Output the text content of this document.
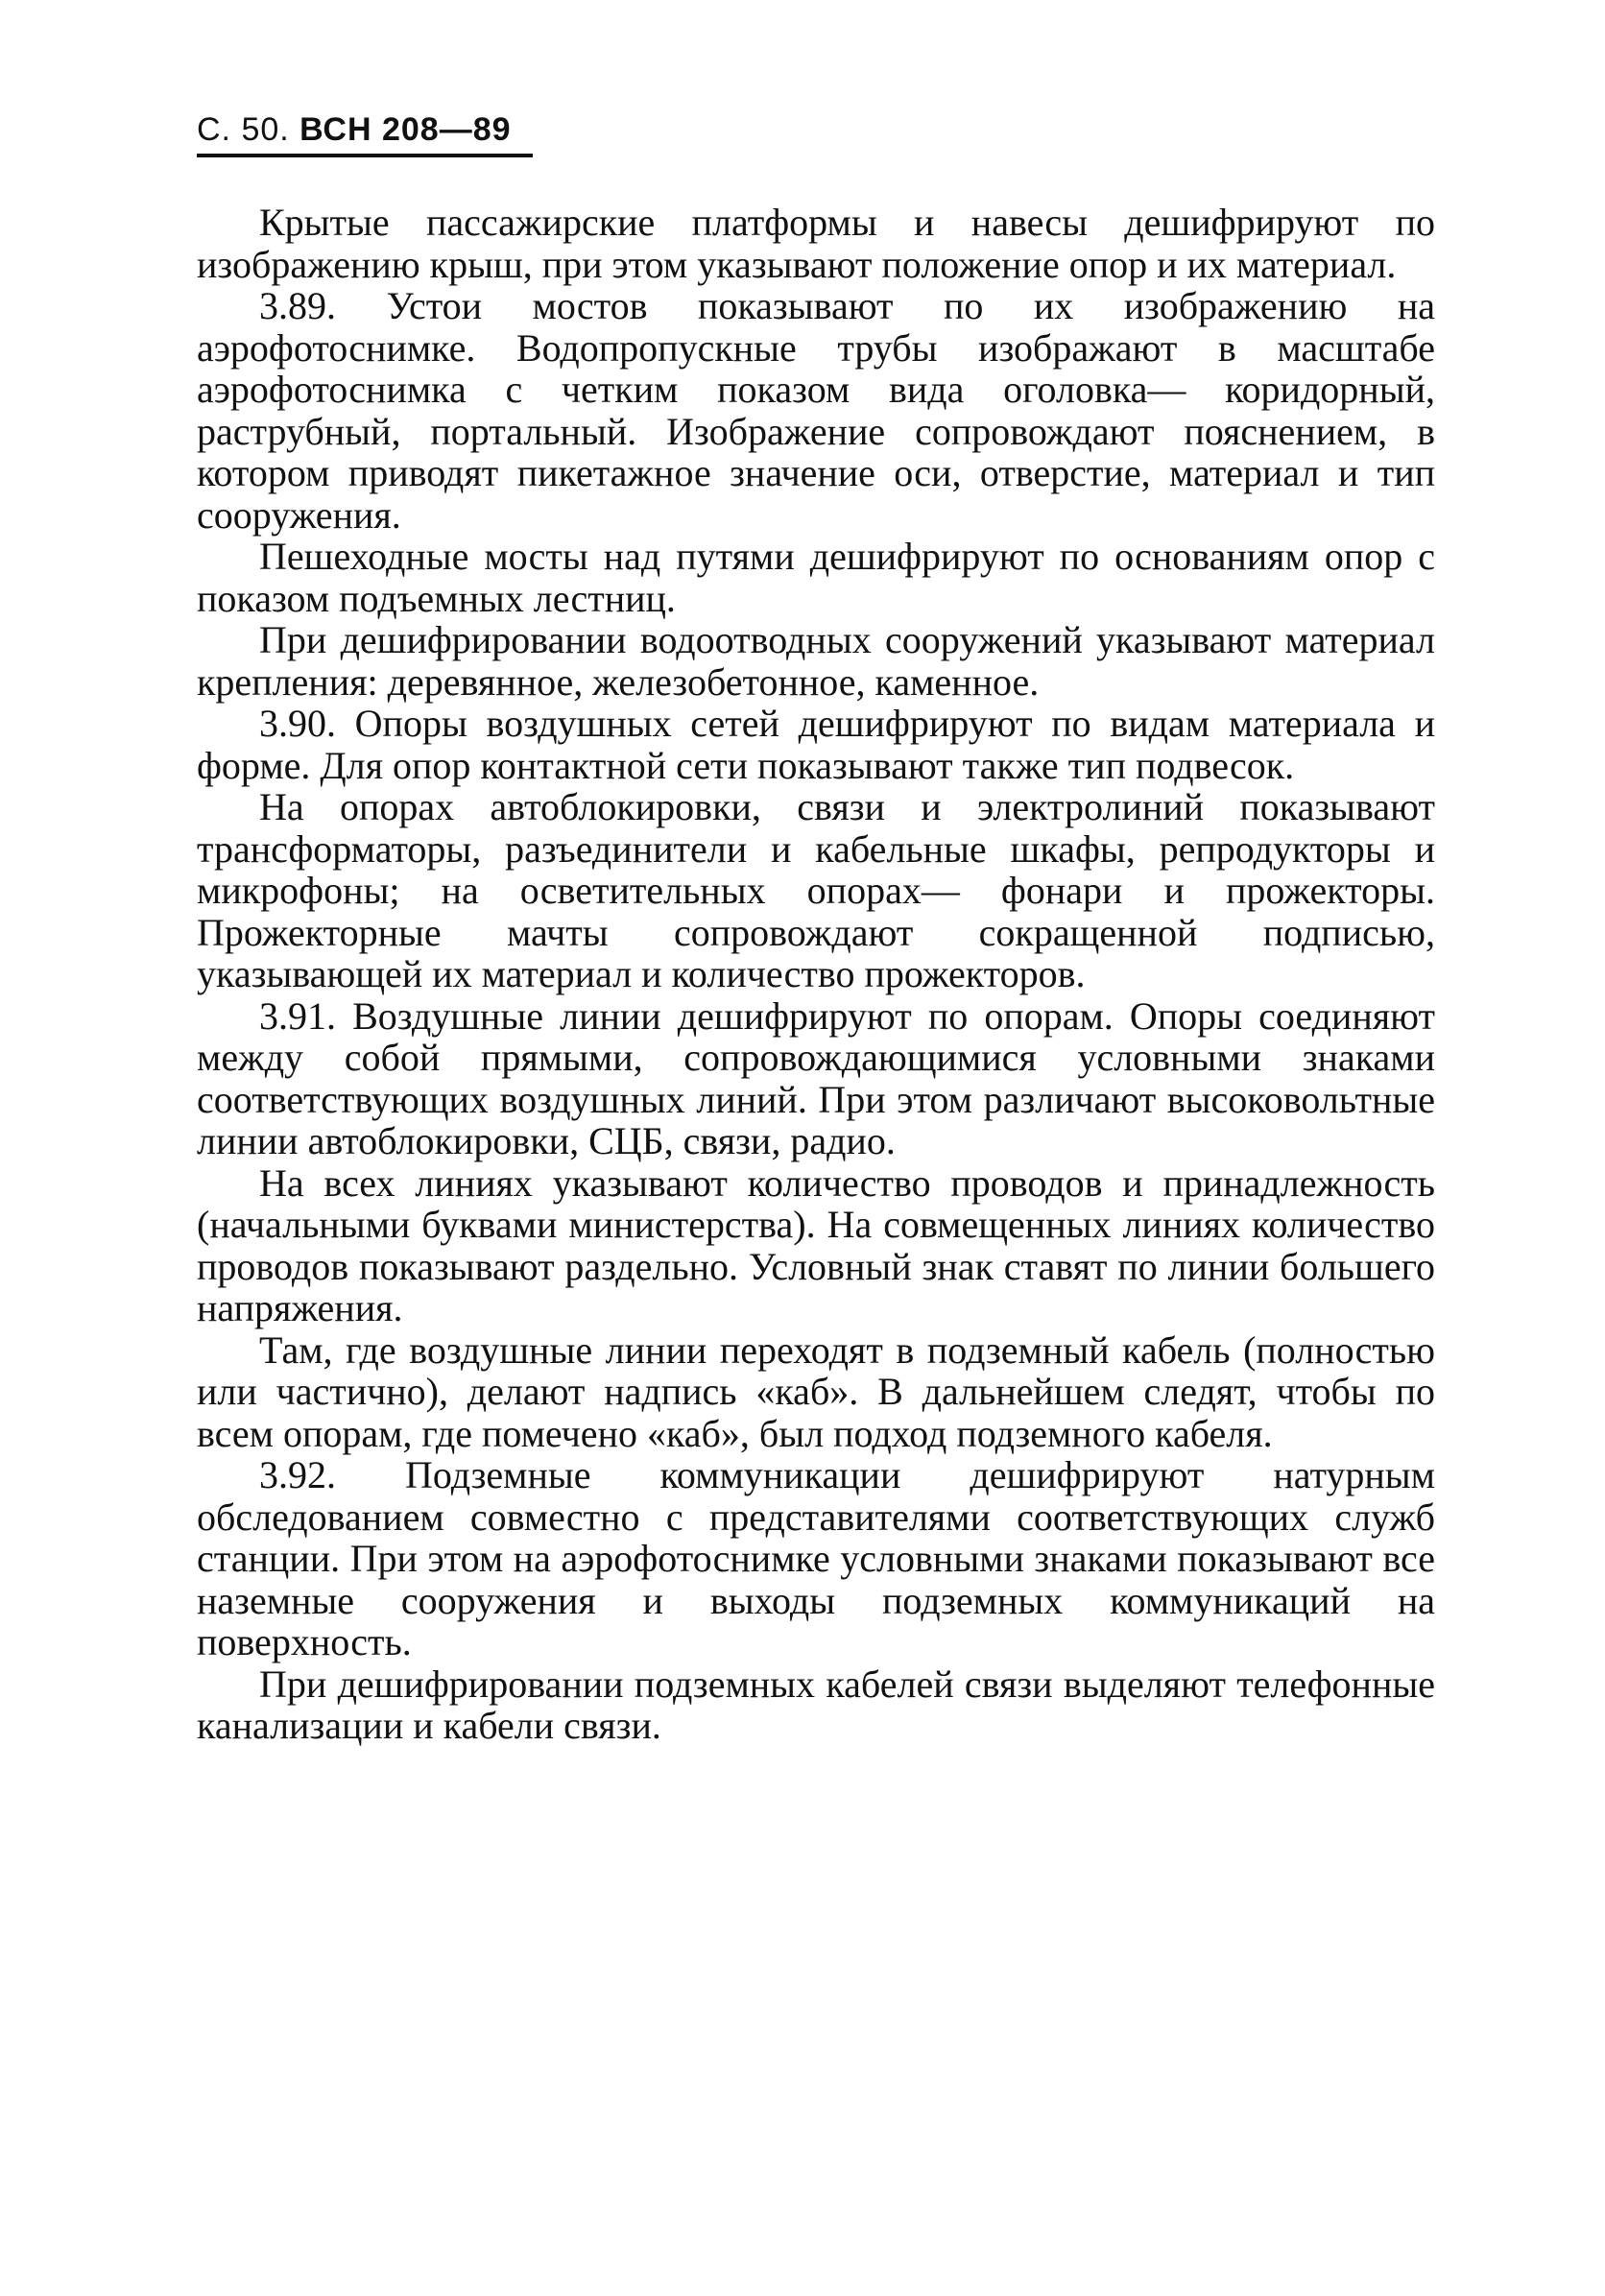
С. 50. ВСН 208—89

Крытые пассажирские платформы и навесы дешифрируют по изображению крыш, при этом указывают положение опор и их материал.

3.89. Устои мостов показывают по их изображению на аэрофотоснимке. Водопропускные трубы изображают в масштабе аэрофотоснимка с четким показом вида оголовка— коридорный, раструбный, портальный. Изображение сопровождают пояснением, в котором приводят пикетажное значение оси, отверстие, материал и тип сооружения.

Пешеходные мосты над путями дешифрируют по основаниям опор с показом подъемных лестниц.

При дешифрировании водоотводных сооружений указывают материал крепления: деревянное, железобетонное, каменное.

3.90. Опоры воздушных сетей дешифрируют по видам материала и форме. Для опор контактной сети показывают также тип подвесок.

На опорах автоблокировки, связи и электролиний показывают трансформаторы, разъединители и кабельные шкафы, репродукторы и микрофоны; на осветительных опорах— фонари и прожекторы. Прожекторные мачты сопровождают сокращенной подписью, указывающей их материал и количество прожекторов.

3.91. Воздушные линии дешифрируют по опорам. Опоры соединяют между собой прямыми, сопровождающимися условными знаками соответствующих воздушных линий. При этом различают высоковольтные линии автоблокировки, СЦБ, связи, радио.

На всех линиях указывают количество проводов и принадлежность (начальными буквами министерства). На совмещенных линиях количество проводов показывают раздельно. Условный знак ставят по линии большего напряжения.

Там, где воздушные линии переходят в подземный кабель (полностью или частично), делают надпись «каб». В дальнейшем следят, чтобы по всем опорам, где помечено «каб», был подход подземного кабеля.

3.92. Подземные коммуникации дешифрируют натурным обследованием совместно с представителями соответствующих служб станции. При этом на аэрофотоснимке условными знаками показывают все наземные сооружения и выходы подземных коммуникаций на поверхность.

При дешифрировании подземных кабелей связи выделяют телефонные канализации и кабели связи.
